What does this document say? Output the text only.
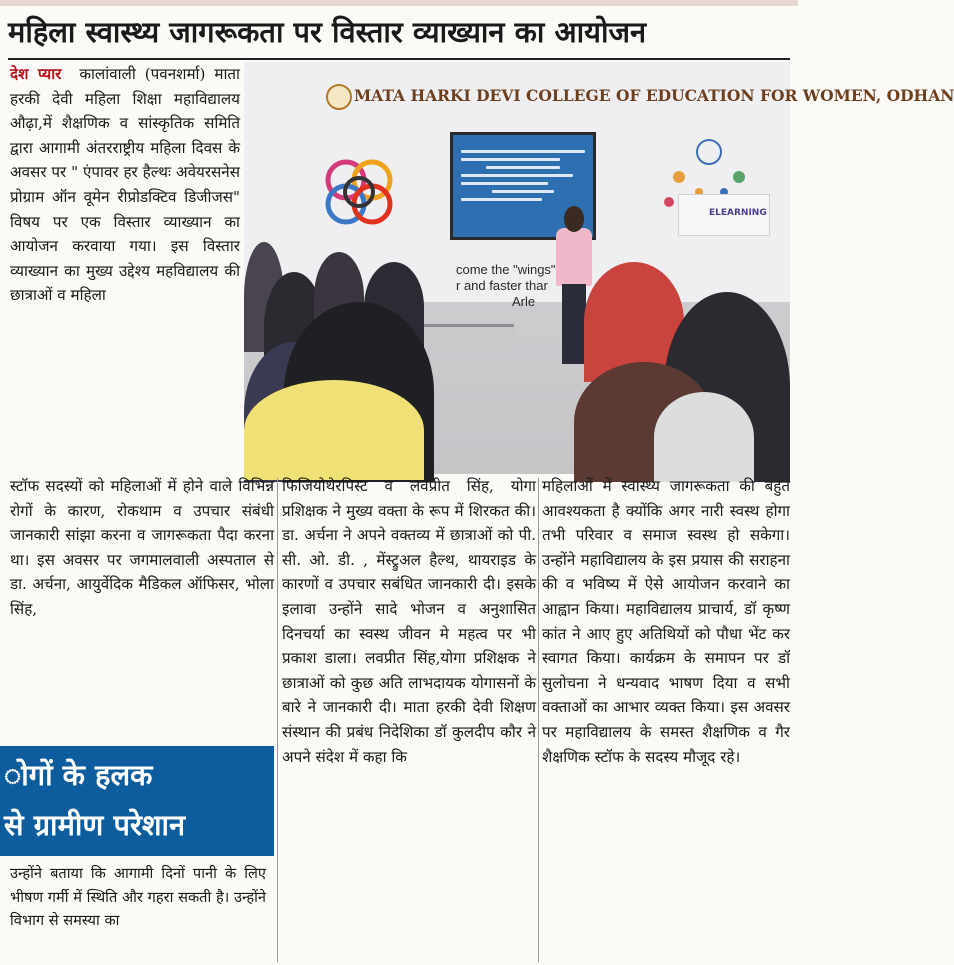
महिला स्वास्थ्य जागरूकता पर विस्तार व्याख्यान का आयोजन

देश प्यार कालांवाली (पवनशर्मा) माता हरकी देवी महिला शिक्षा महाविद्यालय औढ़ा,में शैक्षणिक व सांस्कृतिक समिति द्वारा आगामी अंतरराष्ट्रीय महिला दिवस के अवसर पर " एंपावर हर हैल्थः अवेयरसनेस प्रोग्राम ऑन वूमेन रीप्रोडक्टिव डिजीजस" विषय पर एक विस्तार व्याख्यान का आयोजन करवाया गया। इस विस्तार व्याख्यान का मुख्य उद्देश्य महविद्यालय की छात्राओं व महिला

MATA HARKI DEVI COLLEGE OF EDUCATION FOR WOMEN, ODHAN
ELEARNING
come the "wings"
r and faster thar
Arle

स्टॉफ सदस्यों को महिलाओं में होने वाले विभिन्न रोगों के कारण, रोकथाम व उपचार संबंधी जानकारी सांझा करना व जागरूकता पैदा करना था। इस अवसर पर जगमालवाली अस्पताल से डा. अर्चना, आयुर्वेदिक मैडिकल ऑफिसर, भोला सिंह,

फिजियोथेरपिस्ट व लवप्रीत सिंह, योगा प्रशिक्षक ने मुख्य वक्ता के रूप में शिरकत की। डा. अर्चना ने अपने वक्तव्य में छात्राओं को पी. सी. ओ. डी. , मेंस्ट्रुअल हैल्थ, थायराइड के कारणों व उपचार सबंधित जानकारी दी। इसके इलावा उन्होंने सादे भोजन व अनुशासित दिनचर्या का स्वस्थ जीवन मे महत्व पर भी प्रकाश डाला। लवप्रीत सिंह,योगा प्रशिक्षक ने छात्राओं को कुछ अति लाभदायक योगासनों के बारे ने जानकारी दी। माता हरकी देवी शिक्षण संस्थान की प्रबंध निदेशिका डॉ कुलदीप कौर ने अपने संदेश में कहा कि

महिलाओं में स्वास्थ्य जागरूकता की बहुत आवश्यकता है क्योंकि अगर नारी स्वस्थ होगा तभी परिवार व समाज स्वस्थ हो सकेगा। उन्होंने महाविद्यालय के इस प्रयास की सराहना की व भविष्य में ऐसे आयोजन करवाने का आह्वान किया। महाविद्यालय प्राचार्य, डॉ कृष्ण कांत ने आए हुए अतिथियों को पौधा भेंट कर स्वागत किया। कार्यक्रम के समापन पर डॉ सुलोचना ने धन्यवाद भाषण दिया व सभी वक्ताओं का आभार व्यक्त किया। इस अवसर पर महाविद्यालय के समस्त शैक्षणिक व गैर शैक्षणिक स्टॉफ के सदस्य मौजूद रहे।

ोगों के हलक
से ग्रामीण परेशान

उन्होंने बताया कि आगामी दिनों पानी के लिए भीषण गर्मी में स्थिति और गहरा सकती है। उन्होंने विभाग से समस्या का
